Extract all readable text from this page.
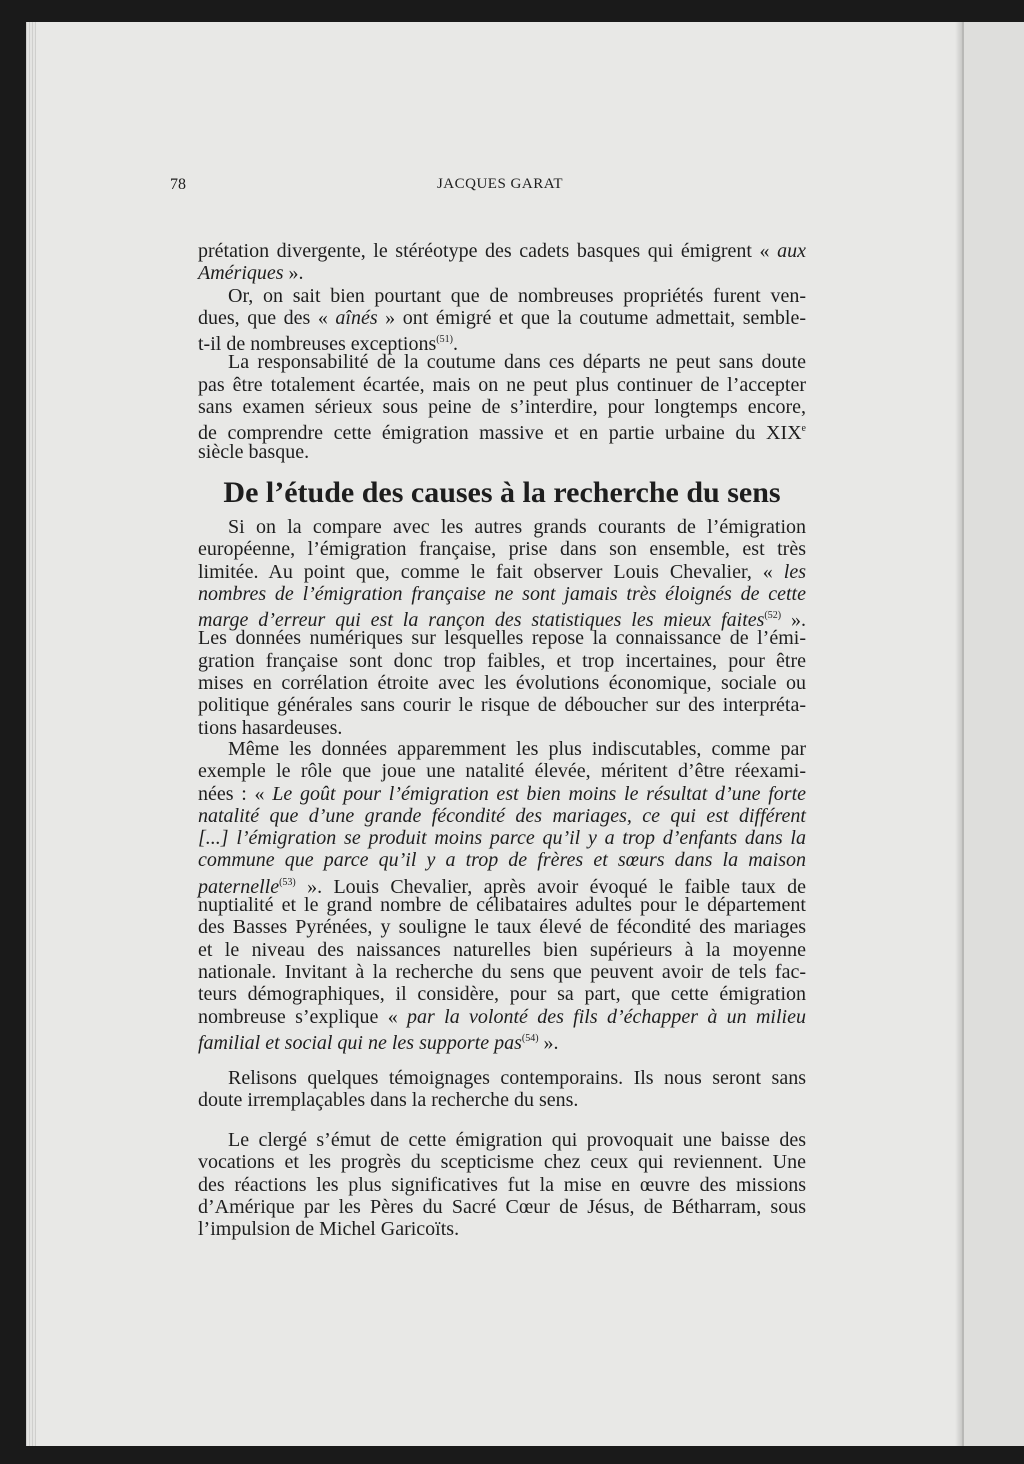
78	JACQUES GARAT
prétation divergente, le stéréotype des cadets basques qui émigrent « aux
Amériques ».
Or, on sait bien pourtant que de nombreuses propriétés furent ven-
dues, que des « aînés » ont émigré et que la coutume admettait, semble-
t-il de nombreuses exceptions$^{(51)}$.
La responsabilité de la coutume dans ces départs ne peut sans doute
pas être totalement écartée, mais on ne peut plus continuer de l’accepter
sans examen sérieux sous peine de s’interdire, pour longtemps encore,
de comprendre cette émigration massive et en partie urbaine du XIXe
siècle basque.
De l’étude des causes à la recherche du sens
Si on la compare avec les autres grands courants de l’émigration
européenne, l’émigration française, prise dans son ensemble, est très
limitée. Au point que, comme le fait observer Louis Chevalier, « les
nombres de l’émigration française ne sont jamais très éloignés de cette
marge d’erreur qui est la rançon des statistiques les mieux faites$^{(52)}$ ».
Les données numériques sur lesquelles repose la connaissance de l’émi-
gration française sont donc trop faibles, et trop incertaines, pour être
mises en corrélation étroite avec les évolutions économique, sociale ou
politique générales sans courir le risque de déboucher sur des interpréta-
tions hasardeuses.
Même les données apparemment les plus indiscutables, comme par
exemple le rôle que joue une natalité élevée, méritent d’être réexami-
nées : « Le goût pour l’émigration est bien moins le résultat d’une forte
natalité que d’une grande fécondité des mariages, ce qui est différent
[...] l’émigration se produit moins parce qu’il y a trop d’enfants dans la
commune que parce qu’il y a trop de frères et sœurs dans la maison
paternelle$^{(53)}$ ». Louis Chevalier, après avoir évoqué le faible taux de
nuptialité et le grand nombre de célibataires adultes pour le département
des Basses Pyrénées, y souligne le taux élevé de fécondité des mariages
et le niveau des naissances naturelles bien supérieurs à la moyenne
nationale. Invitant à la recherche du sens que peuvent avoir de tels fac-
teurs démographiques, il considère, pour sa part, que cette émigration
nombreuse s’explique « par la volonté des fils d’échapper à un milieu
familial et social qui ne les supporte pas$^{(54)}$ ».
Relisons quelques témoignages contemporains. Ils nous seront sans
doute irremplaçables dans la recherche du sens.
Le clergé s’émut de cette émigration qui provoquait une baisse des
vocations et les progrès du scepticisme chez ceux qui reviennent. Une
des réactions les plus significatives fut la mise en œuvre des missions
d’Amérique par les Pères du Sacré Cœur de Jésus, de Bétharram, sous
l’impulsion de Michel Garicoïts.
